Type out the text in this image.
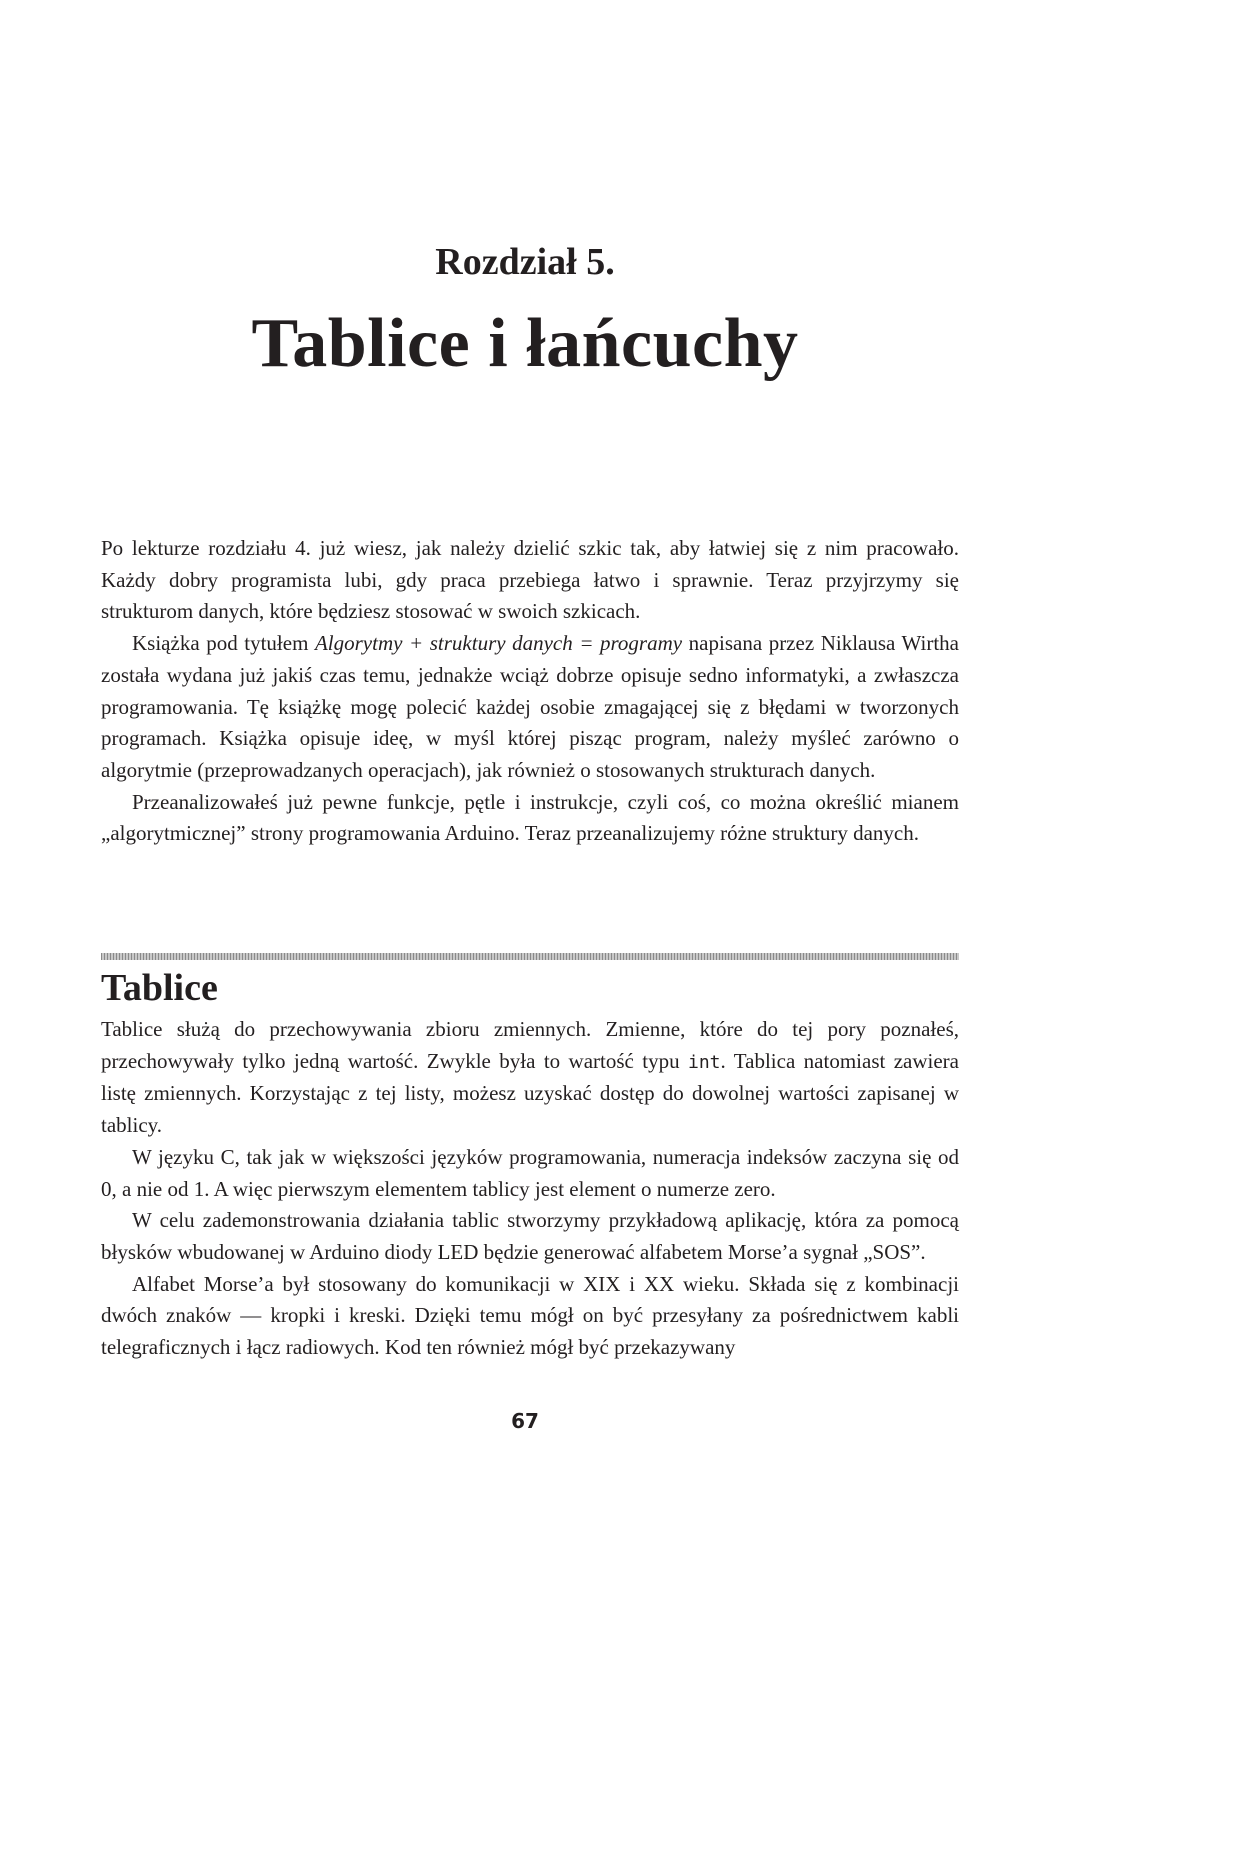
Rozdział 5.
Tablice i łańcuchy

Po lekturze rozdziału 4. już wiesz, jak należy dzielić szkic tak, aby łatwiej się z nim pracowało. Każdy dobry programista lubi, gdy praca przebiega łatwo i sprawnie. Teraz przyjrzymy się strukturom danych, które będziesz stosować w swoich szkicach.

Książka pod tytułem Algorytmy + struktury danych = programy napisana przez Niklausa Wirtha została wydana już jakiś czas temu, jednakże wciąż dobrze opisuje sedno informatyki, a zwłaszcza programowania. Tę książkę mogę polecić każdej osobie zmagającej się z błędami w tworzonych programach. Książka opisuje ideę, w myśl której pisząc program, należy myśleć zarówno o algorytmie (przeprowadzanych operacjach), jak również o stosowanych strukturach danych.

Przeanalizowałeś już pewne funkcje, pętle i instrukcje, czyli coś, co można określić mianem „algorytmicznej” strony programowania Arduino. Teraz przeanalizujemy różne struktury danych.

Tablice

Tablice służą do przechowywania zbioru zmiennych. Zmienne, które do tej pory poznałeś, przechowywały tylko jedną wartość. Zwykle była to wartość typu int. Tablica natomiast zawiera listę zmiennych. Korzystając z tej listy, możesz uzyskać dostęp do dowolnej wartości zapisanej w tablicy.

W języku C, tak jak w większości języków programowania, numeracja indeksów zaczyna się od 0, a nie od 1. A więc pierwszym elementem tablicy jest element o numerze zero.

W celu zademonstrowania działania tablic stworzymy przykładową aplikację, która za pomocą błysków wbudowanej w Arduino diody LED będzie generować alfabetem Morse’a sygnał „SOS”.

Alfabet Morse’a był stosowany do komunikacji w XIX i XX wieku. Składa się z kombinacji dwóch znaków — kropki i kreski. Dzięki temu mógł on być przesyłany za pośrednictwem kabli telegraficznych i łącz radiowych. Kod ten również mógł być przekazywany

67
